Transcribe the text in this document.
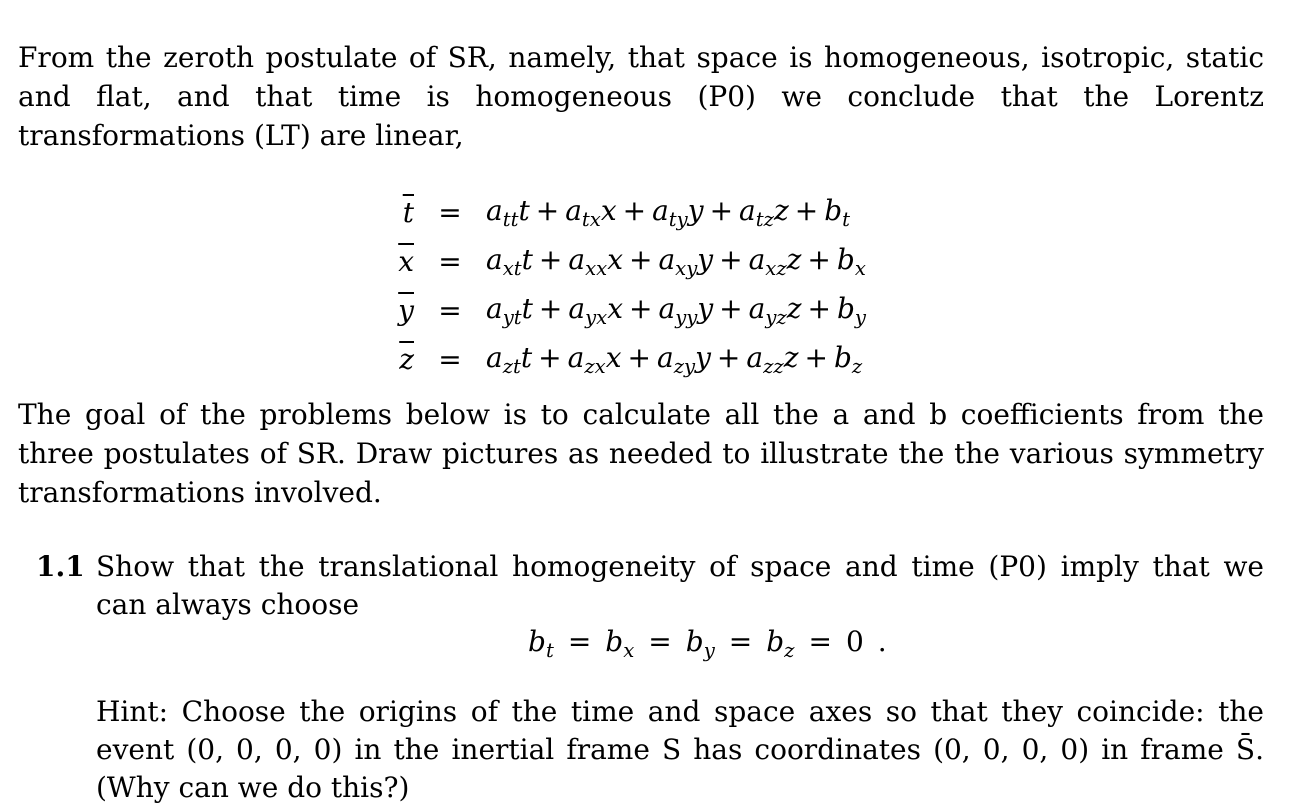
From the zeroth postulate of SR, namely, that space is homogeneous, isotropic, static and flat, and that time is homogeneous (P0) we conclude that the Lorentz transformations (LT) are linear,
$\overline{t}$	=	$a_{tt}t + a_{tx}x + a_{ty}y + a_{tz}z + b_t$
$\overline{x}$	=	$a_{xt}t + a_{xx}x + a_{xy}y + a_{xz}z + b_x$
$\overline{y}$	=	$a_{yt}t + a_{yx}x + a_{yy}y + a_{yz}z + b_y$
$\overline{z}$	=	$a_{zt}t + a_{zx}x + a_{zy}y + a_{zz}z + b_z$
The goal of the problems below is to calculate all the a and b coefficients from the three postulates of SR. Draw pictures as needed to illustrate the the various symmetry transformations involved.
1.1 Show that the translational homogeneity of space and time (P0) imply that we can always choose
$b_t$  =  $b_x$  =  $b_y$  =  $b_z$  =  0  .
Hint: Choose the origins of the time and space axes so that they coincide: the event (0, 0, 0, 0) in the inertial frame S has coordinates (0, 0, 0, 0) in frame S̄. (Why can we do this?)
